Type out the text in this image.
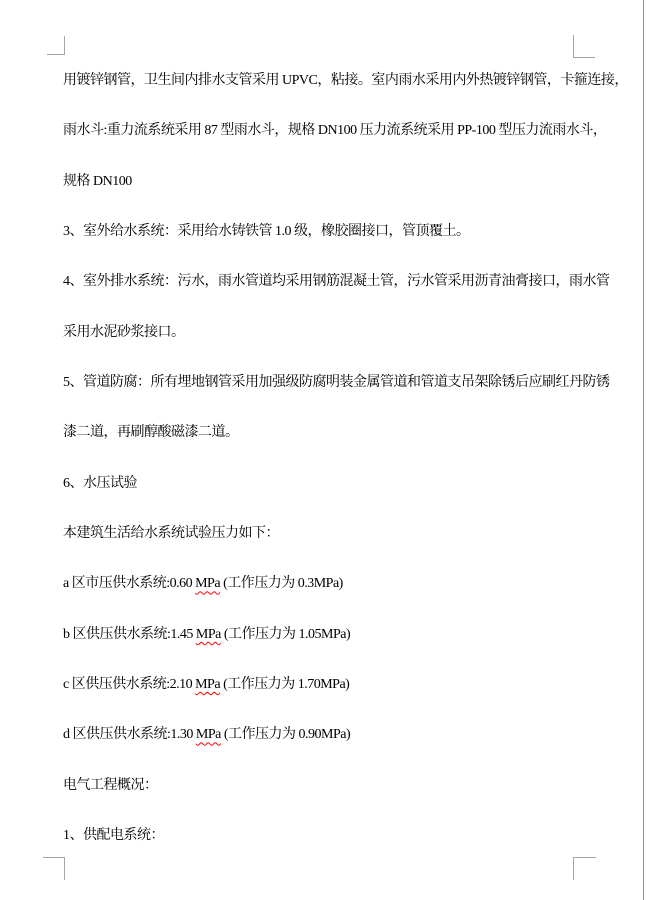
用镀锌钢管，卫生间内排水支管采用 UPVC，粘接。室内雨水采用内外热镀锌钢管，卡箍连接，
雨水斗:重力流系统采用 87 型雨水斗，规格 DN100 压力流系统采用 PP-100 型压力流雨水斗，
规格 DN100
3、室外给水系统：采用给水铸铁管 1.0 级，橡胶圈接口，管顶覆土。
4、室外排水系统：污水，雨水管道均采用钢筋混凝土管，污水管采用沥青油膏接口，雨水管
采用水泥砂浆接口。
5、管道防腐：所有埋地钢管采用加强级防腐明装金属管道和管道支吊架除锈后应刷红丹防锈
漆二道，再刷醇酸磁漆二道。
6、水压试验
本建筑生活给水系统试验压力如下：
a 区市压供水系统:0.60 MPa (工作压力为 0.3MPa)
b 区供压供水系统:1.45 MPa (工作压力为 1.05MPa)
c 区供压供水系统:2.10 MPa (工作压力为 1.70MPa)
d 区供压供水系统:1.30 MPa (工作压力为 0.90MPa)
电气工程概况：
1、供配电系统：
